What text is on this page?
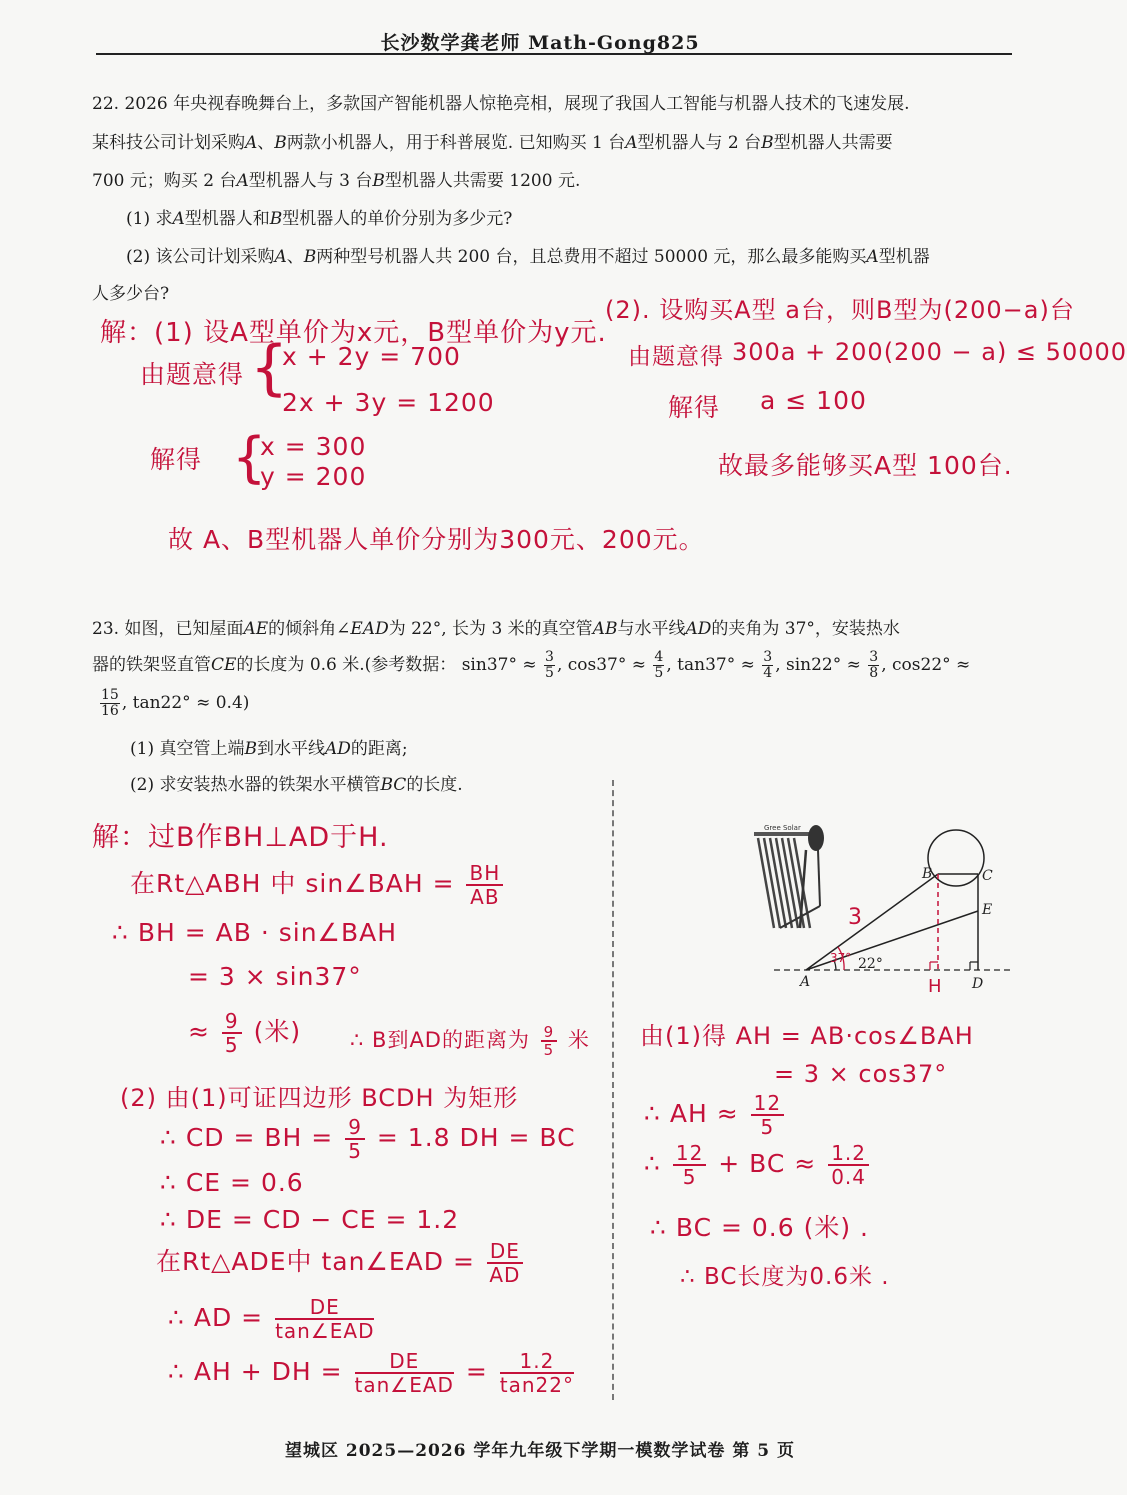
长沙数学龚老师 Math-Gong825
22. 2026 年央视春晚舞台上，多款国产智能机器人惊艳亮相，展现了我国人工智能与机器人技术的飞速发展.
某科技公司计划采购A、B两款小机器人，用于科普展览. 已知购买 1 台A型机器人与 2 台B型机器人共需要
700 元；购买 2 台A型机器人与 3 台B型机器人共需要 1200 元.
(1) 求A型机器人和B型机器人的单价分别为多少元?
(2) 该公司计划采购A、B两种型号机器人共 200 台，且总费用不超过 50000 元，那么最多能购买A型机器
人多少台?
解：(1) 设A型单价为x元，B型单价为y元.
由题意得 {
x + 2y = 700
2x + 3y = 1200
解得 {
x = 300
y = 200
故 A、B型机器人单价分别为300元、200元。
(2). 设购买A型 a台，则B型为(200−a)台
由题意得 300a + 200(200 − a) ≤ 50000
解得 a ≤ 100
故最多能够买A型 100台.
23. 如图，已知屋面AE的倾斜角∠EAD为 22°, 长为 3 米的真空管AB与水平线AD的夹角为 37°，安装热水
器的铁架竖直管CE的长度为 0.6 米.(参考数据： $\sin 37^\circ \approx \frac{3}{5}$ , $\cos 37^\circ \approx \frac{4}{5}$ , $\tan 37^\circ \approx \frac{3}{4}$ , $\sin 22^\circ \approx \frac{3}{8}$ , cos22° ≈
$\frac{15}{16}$ , tan22° ≈ 0.4)
(1) 真空管上端B到水平线AD的距离;
(2) 求安装热水器的铁架水平横管BC的长度.
解：过B作BH⊥AD于H.
在Rt△ABH 中 sin∠BAH = $\frac{BH}{AB}$
∴ BH = AB · sin∠BAH
= 3 × sin37°
≈ $\frac{9}{5}$ (米) ∴ B到AD的距离为 $\frac{9}{5}$ 米
(2) 由(1)可证四边形 BCDH 为矩形
∴ CD = BH = $\frac{9}{5} = 1.8$ DH = BC
∴ CE = 0.6
∴ DE = CD − CE = 1.2
在Rt△ADE中 tan∠EAD = $\frac{DE}{AD}$
∴ AD = $\frac{DE}{\text{tan∠EAD}}$
∴ AH + DH = $\frac{DE}{\text{tan∠EAD}} = \frac{1.2}{\tan 22^\circ}$
由(1)得 AH = AB·cos∠BAH
= 3 × cos37°
∴ AH ≈ $\frac{12}{5}$
∴ $\frac{12}{5}$ + BC ≈ $\frac{1.2}{0.4}$
∴ BC = 0.6 (米) .
∴ BC长度为0.6米 .
Gree Solar
3
37° 22°
A
B	C
E
H D
望城区 2025—2026 学年九年级下学期一模数学试卷 第 5 页
